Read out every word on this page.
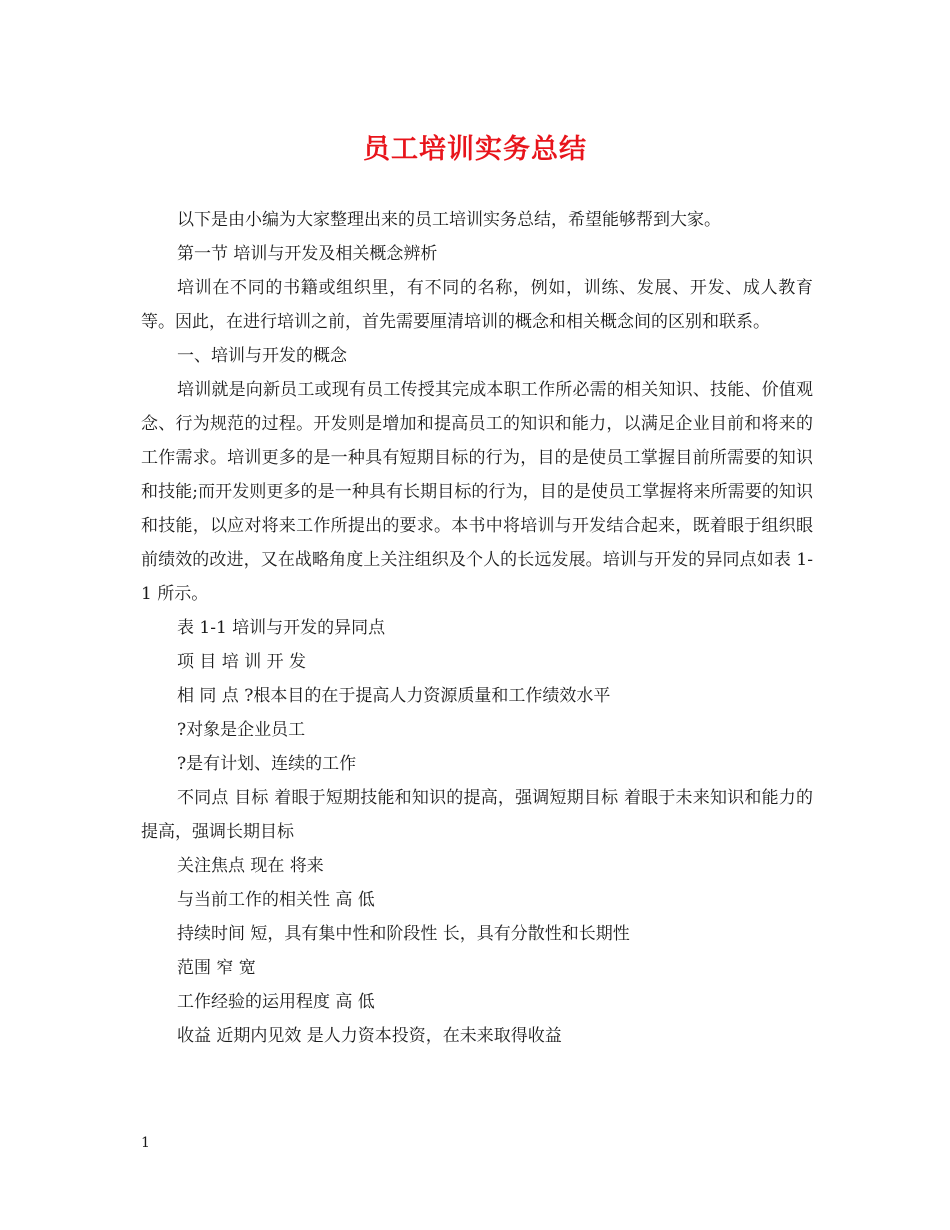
员工培训实务总结

以下是由小编为大家整理出来的员工培训实务总结，希望能够帮到大家。

第一节 培训与开发及相关概念辨析

培训在不同的书籍或组织里，有不同的名称，例如，训练、发展、开发、成人教育等。因此，在进行培训之前，首先需要厘清培训的概念和相关概念间的区别和联系。

一、培训与开发的概念

培训就是向新员工或现有员工传授其完成本职工作所必需的相关知识、技能、价值观念、行为规范的过程。开发则是增加和提高员工的知识和能力，以满足企业目前和将来的工作需求。培训更多的是一种具有短期目标的行为，目的是使员工掌握目前所需要的知识和技能;而开发则更多的是一种具有长期目标的行为，目的是使员工掌握将来所需要的知识和技能，以应对将来工作所提出的要求。本书中将培训与开发结合起来，既着眼于组织眼前绩效的改进，又在战略角度上关注组织及个人的长远发展。培训与开发的异同点如表 1-1 所示。

表 1-1 培训与开发的异同点

项 目 培 训 开 发

相 同 点 ?根本目的在于提高人力资源质量和工作绩效水平

?对象是企业员工

?是有计划、连续的工作

不同点 目标 着眼于短期技能和知识的提高，强调短期目标 着眼于未来知识和能力的提高，强调长期目标

关注焦点 现在 将来

与当前工作的相关性 高 低

持续时间 短，具有集中性和阶段性 长，具有分散性和长期性

范围 窄 宽

工作经验的运用程度 高 低

收益 近期内见效 是人力资本投资，在未来取得收益

1
